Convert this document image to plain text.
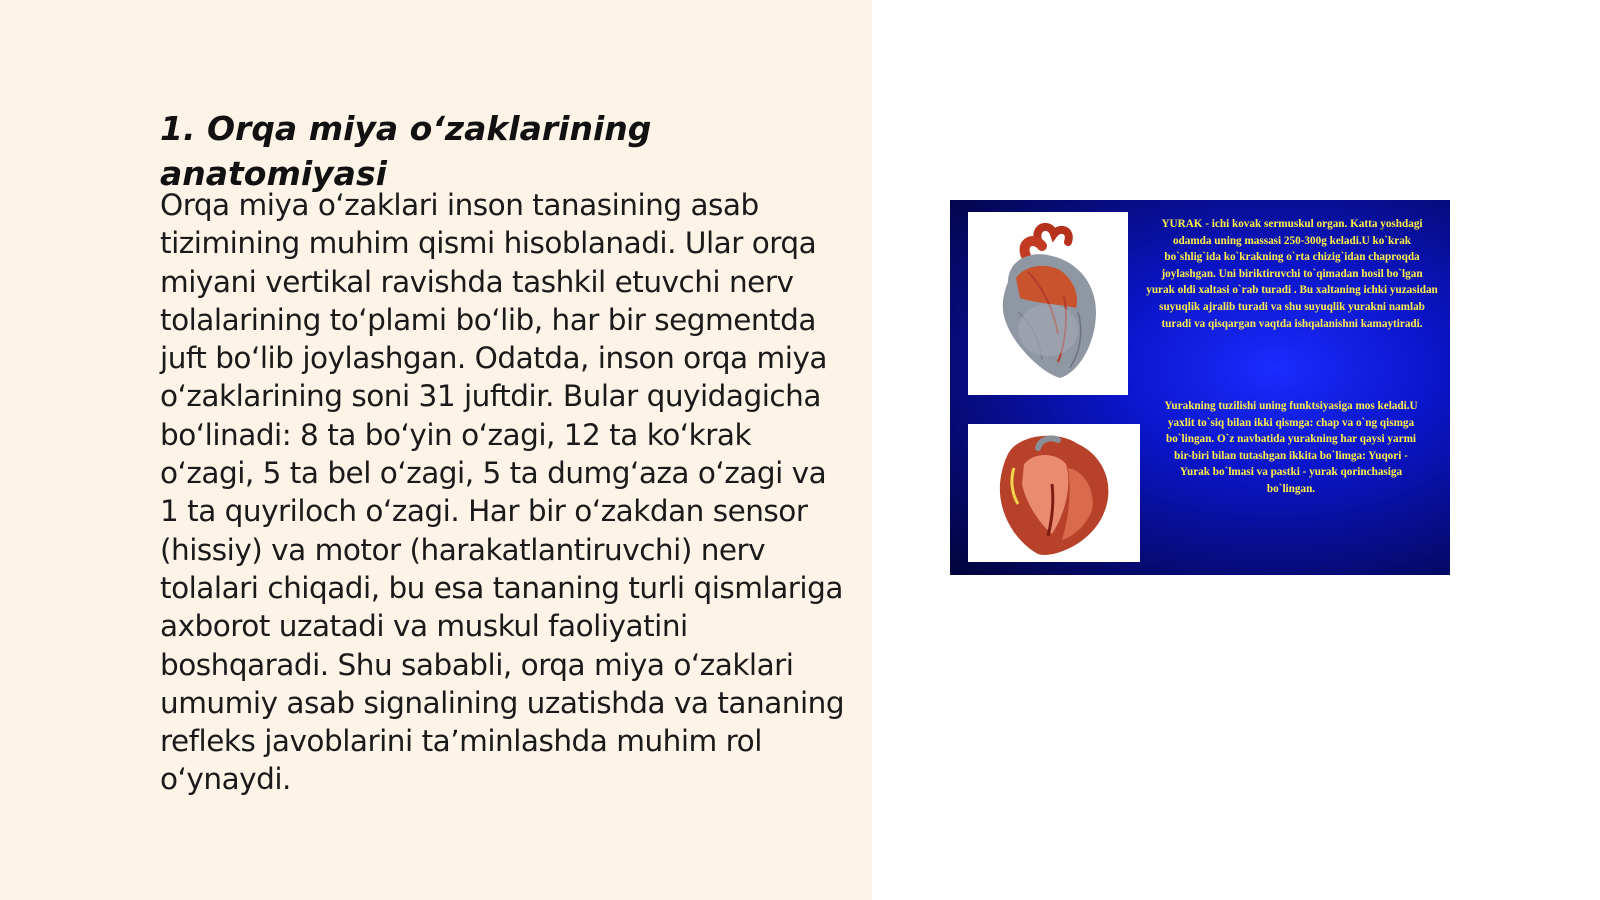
1. Orqa miya o‘zaklarining anatomiyasi

Orqa miya o‘zaklari inson tanasining asab tizimining muhim qismi hisoblanadi. Ular orqa miyani vertikal ravishda tashkil etuvchi nerv tolalarining to‘plami bo‘lib, har bir segmentda juft bo‘lib joylashgan. Odatda, inson orqa miya o‘zaklarining soni 31 juftdir. Bular quyidagicha bo‘linadi: 8 ta bo‘yin o‘zagi, 12 ta ko‘krak o‘zagi, 5 ta bel o‘zagi, 5 ta dumg‘aza o‘zagi va 1 ta quyriloch o‘zagi. Har bir o‘zakdan sensor (hissiy) va motor (harakatlantiruvchi) nerv tolalari chiqadi, bu esa tananing turli qismlariga axborot uzatadi va muskul faoliyatini boshqaradi. Shu sababli, orqa miya o‘zaklari umumiy asab signalining uzatishda va tananing refleks javoblarini ta’minlashda muhim rol o‘ynaydi.

YURAK - ichi kovak sermuskul organ. Katta yoshdagi odamda uning massasi 250-300g keladi.U ko`krak bo`shlig`ida ko`krakning o`rta chizig`idan chaproqda joylashgan. Uni biriktiruvchi to`qimadan hosil bo`lgan yurak oldi xaltasi o`rab turadi . Bu xaltaning ichki yuzasidan suyuqlik ajralib turadi va shu suyuqlik yurakni namlab turadi va qisqargan vaqtda ishqalanishni kamaytiradi.

Yurakning tuzilishi uning funktsiyasiga mos keladi.U yaxlit to`siq bilan ikki qismga: chap va o`ng qismga bo`lingan. O`z navbatida yurakning har qaysi yarmi bir-biri bilan tutashgan ikkita bo`limga: Yuqori - Yurak bo`lmasi va pastki - yurak qorinchasiga bo`lingan.
